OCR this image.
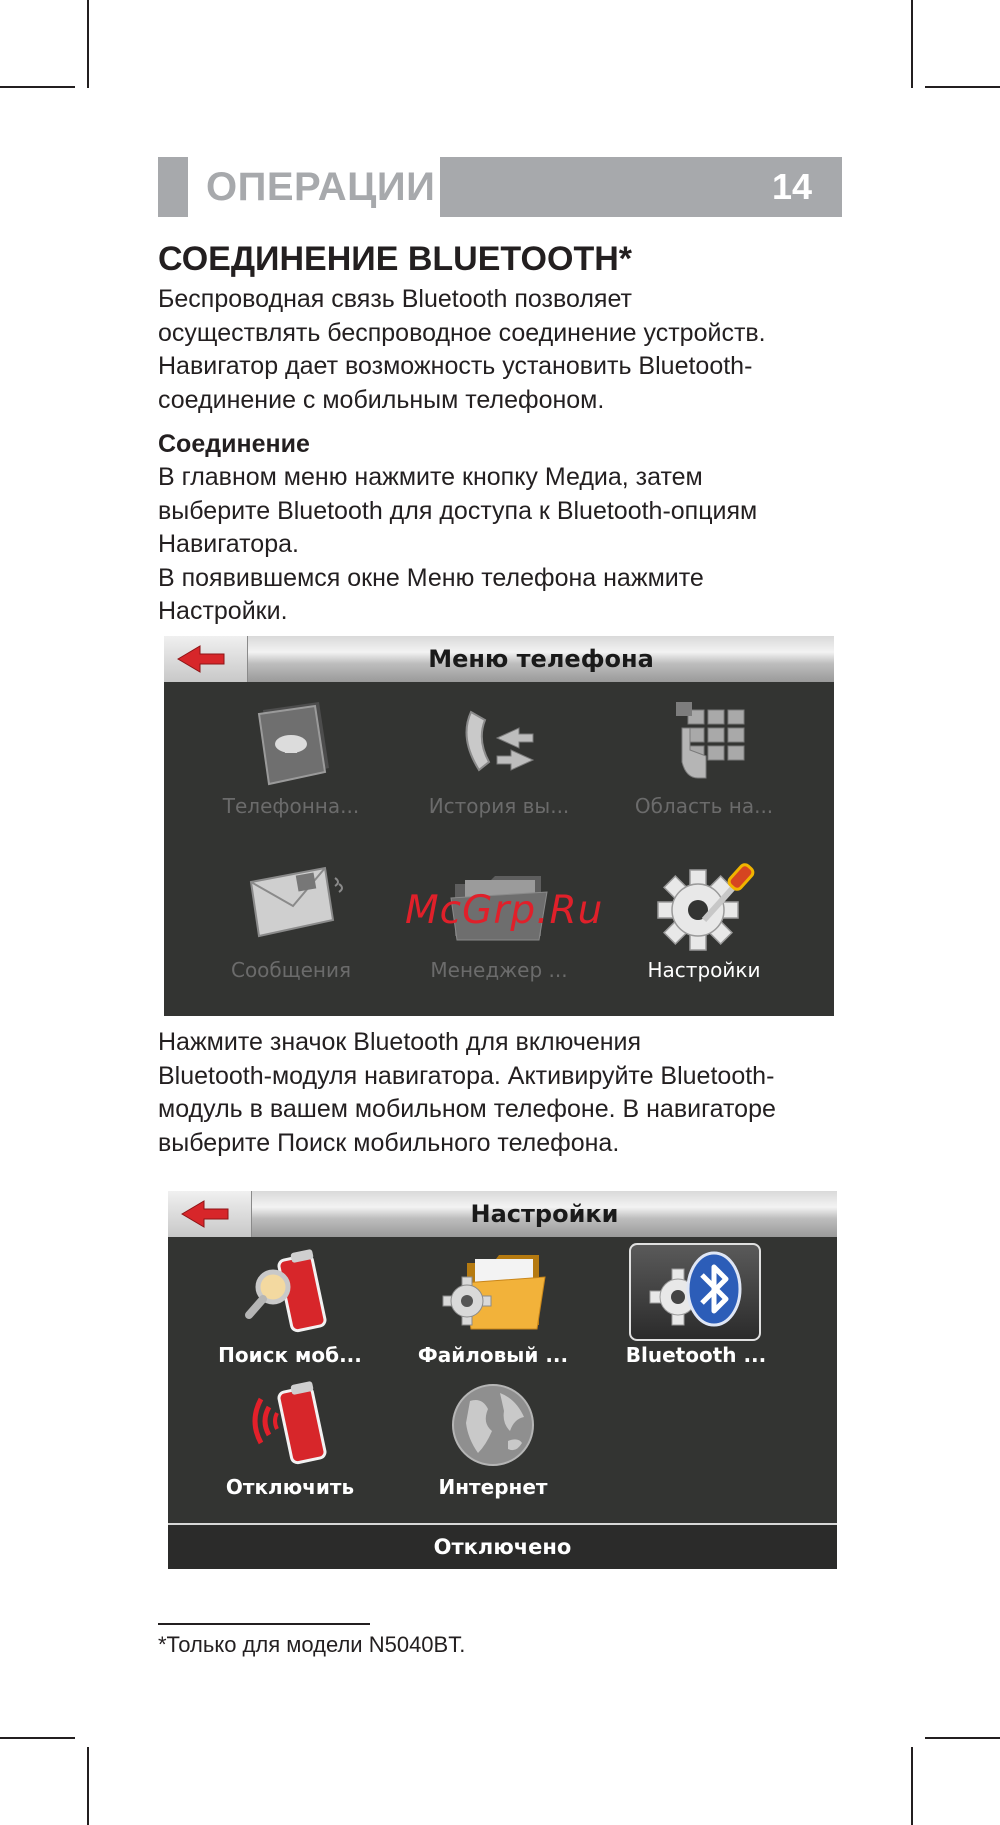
ОПЕРАЦИИ	14
СОЕДИНЕНИЕ BLUETOOTH*
Беспроводная связь Bluetooth позволяет
осуществлять беспроводное соединение устройств.
Навигатор дает возможность установить Bluetooth-
соединение с мобильным телефоном.
Соединение
В главном меню нажмите кнопку Медиа, затем
выберите Bluetooth для доступа к Bluetooth-опциям
Навигатора.
В появившемся окне Меню телефона нажмите
Настройки.
Меню телефона
Телефонна...	История вы...	Область на...
Сообщения	Менеджер ...	Настройки
McGrp.Ru
Нажмите значок Bluetooth для включения
Bluetooth-модуля навигатора. Активируйте Bluetooth-
модуль в вашем мобильном телефоне. В навигаторе
выберите Поиск мобильного телефона.
Настройки
Поиск моб...	Файловый ...	Bluetooth ...
Отключить	Интернет
Отключено
*Только для модели N5040BT.
